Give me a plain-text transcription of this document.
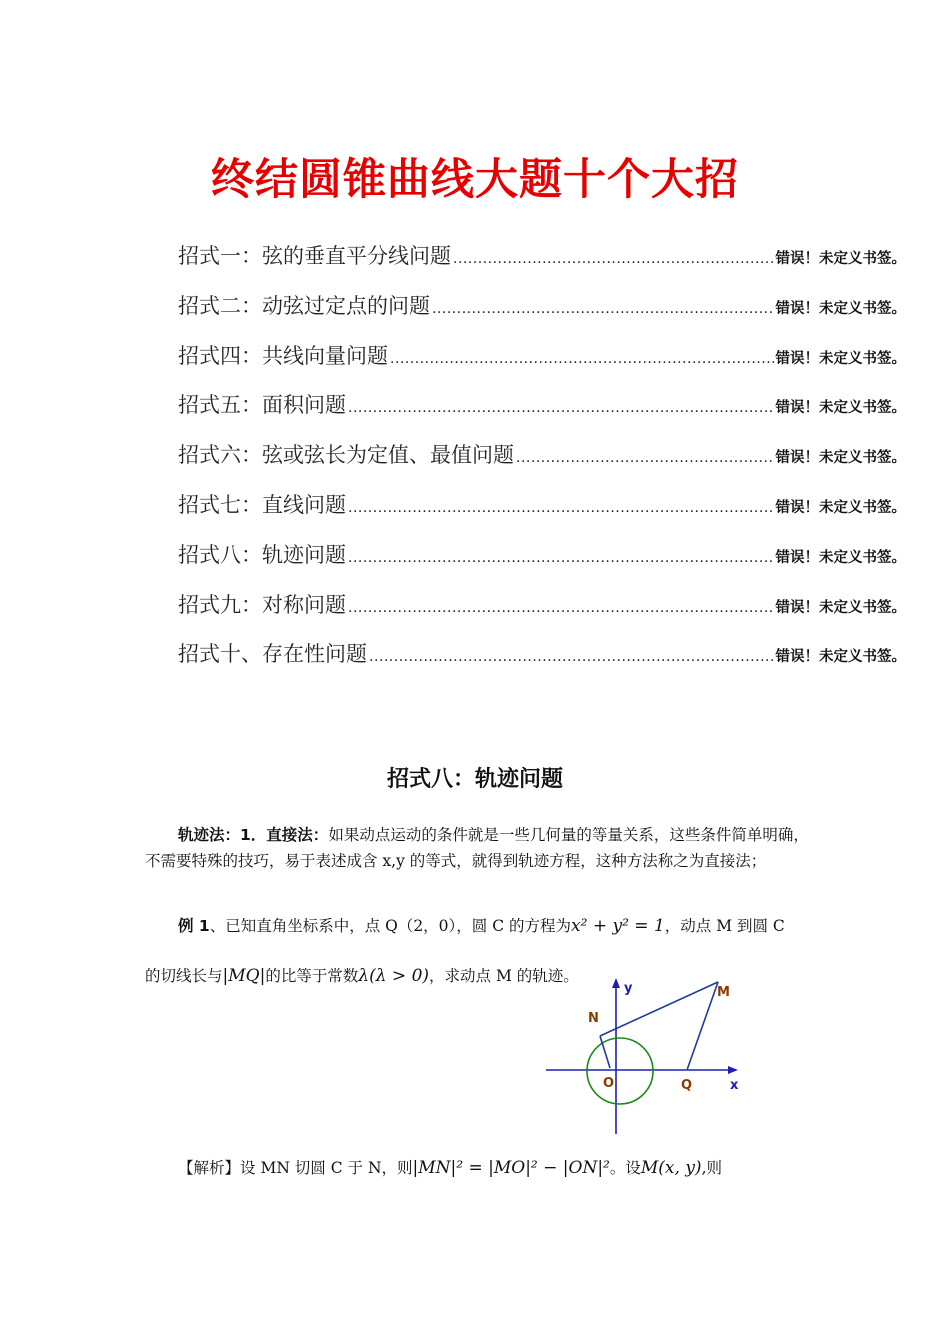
终结圆锥曲线大题十个大招
招式一：弦的垂直平分线问题 .....	错误！未定义书签。
招式二：动弦过定点的问题 .....	错误！未定义书签。
招式四：共线向量问题 .....	错误！未定义书签。
招式五：面积问题 .....	错误！未定义书签。
招式六：弦或弦长为定值、最值问题 .....	错误！未定义书签。
招式七：直线问题 .....	错误！未定义书签。
招式八：轨迹问题 .....	错误！未定义书签。
招式九：对称问题 .....	错误！未定义书签。
招式十、存在性问题 .....	错误！未定义书签。
招式八：轨迹问题
轨迹法：1．直接法：如果动点运动的条件就是一些几何量的等量关系，这些条件简单明确，不需要特殊的技巧，易于表述成含 x,y 的等式，就得到轨迹方程，这种方法称之为直接法；
例 1、已知直角坐标系中，点 Q（2，0），圆 C 的方程为x² + y² = 1，动点 M 到圆 C
的切线长与|MQ|的比等于常数λ(λ > 0)，求动点 M 的轨迹。
y
x
M
N
O	Q
【解析】设 MN 切圆 C 于 N，则|MN|² = |MO|² − |ON|²。设M(x, y),则
